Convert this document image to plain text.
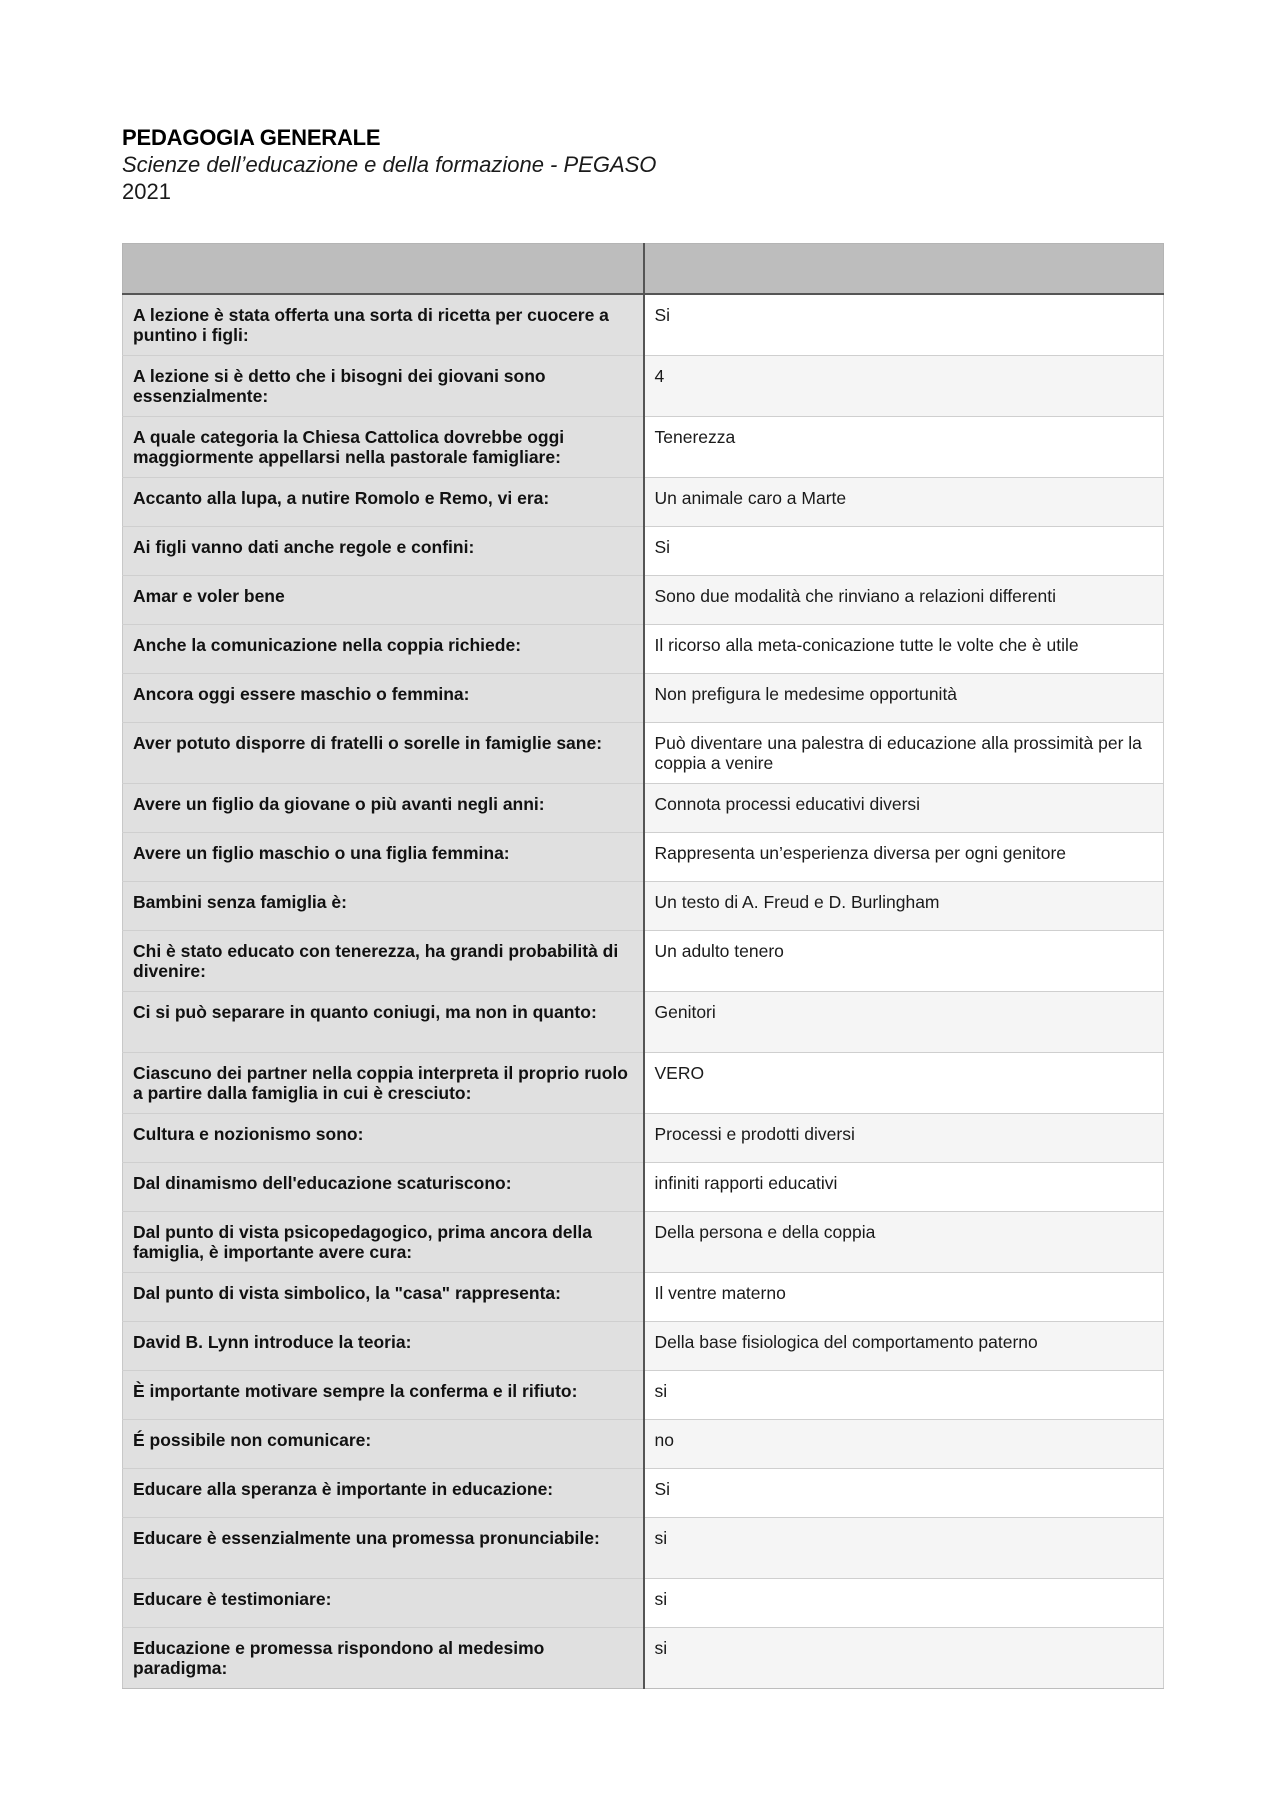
PEDAGOGIA GENERALE
Scienze dell’educazione e della formazione - PEGASO
2021

A lezione è stata offerta una sorta di ricetta per cuocere a puntino i figli:	Si
A lezione si è detto che i bisogni dei giovani sono essenzialmente:	4
A quale categoria la Chiesa Cattolica dovrebbe oggi maggiormente appellarsi nella pastorale famigliare:	Tenerezza
Accanto alla lupa, a nutire Romolo e Remo, vi era:	Un animale caro a Marte
Ai figli vanno dati anche regole e confini:	Si
Amar e voler bene	Sono due modalità che rinviano a relazioni differenti
Anche la comunicazione nella coppia richiede:	Il ricorso alla meta-conicazione tutte le volte che è utile
Ancora oggi essere maschio o femmina:	Non prefigura le medesime opportunità
Aver potuto disporre di fratelli o sorelle in famiglie sane:	Può diventare una palestra di educazione alla prossimità per la coppia a venire
Avere un figlio da giovane o più avanti negli anni:	Connota processi educativi diversi
Avere un figlio maschio o una figlia femmina:	Rappresenta un’esperienza diversa per ogni genitore
Bambini senza famiglia è:	Un testo di A. Freud e D. Burlingham
Chi è stato educato con tenerezza, ha grandi probabilità di divenire:	Un adulto tenero
Ci si può separare in quanto coniugi, ma non in quanto:	Genitori
Ciascuno dei partner nella coppia interpreta il proprio ruolo a partire dalla famiglia in cui è cresciuto:	VERO
Cultura e nozionismo sono:	Processi e prodotti diversi
Dal dinamismo dell'educazione scaturiscono:	infiniti rapporti educativi
Dal punto di vista psicopedagogico, prima ancora della famiglia, è importante avere cura:	Della persona e della coppia
Dal punto di vista simbolico, la "casa" rappresenta:	Il ventre materno
David B. Lynn introduce la teoria:	Della base fisiologica del comportamento paterno
È importante motivare sempre la conferma e il rifiuto:	si
É possibile non comunicare:	no
Educare alla speranza è importante in educazione:	Si
Educare è essenzialmente una promessa pronunciabile:	si
Educare è testimoniare:	si
Educazione e promessa rispondono al medesimo paradigma:	si
